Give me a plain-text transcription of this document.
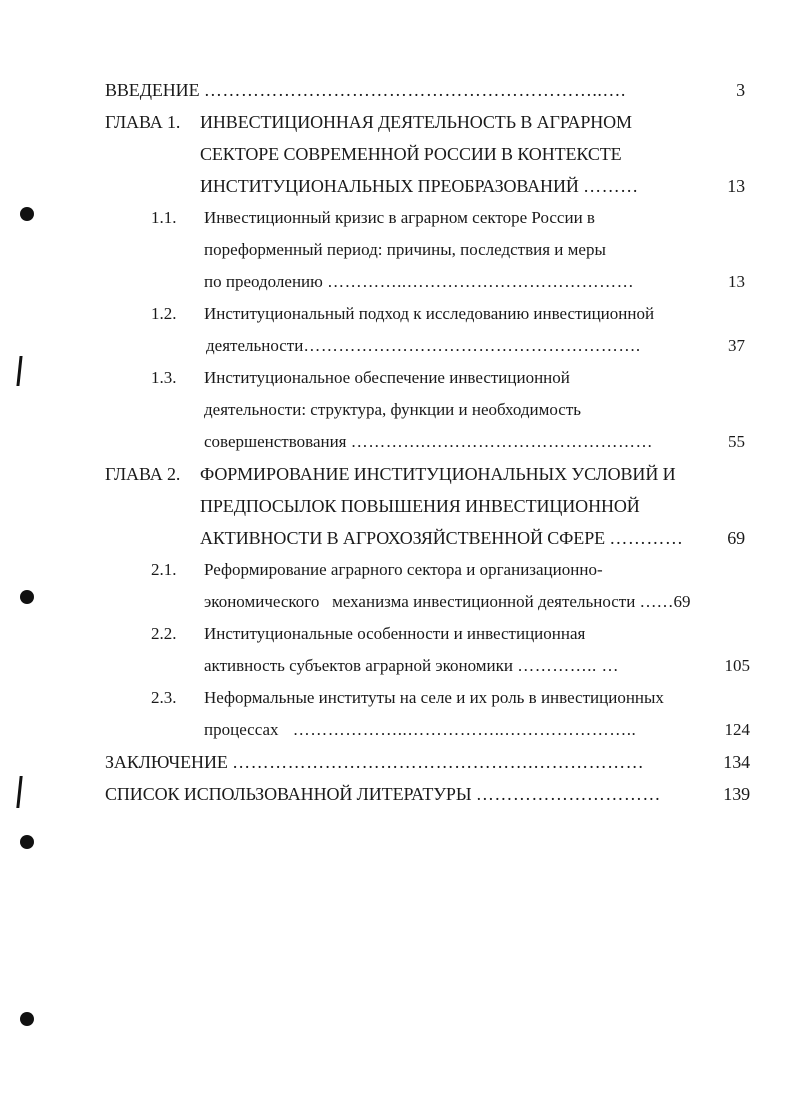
ВВЕДЕНИЕ ………………………………………………………..….	3
ГЛАВА 1. ИНВЕСТИЦИОННАЯ ДЕЯТЕЛЬНОСТЬ В АГРАРНОМ
СЕКТОРЕ СОВРЕМЕННОЙ РОССИИ В КОНТЕКСТЕ
ИНСТИТУЦИОНАЛЬНЫХ ПРЕОБРАЗОВАНИЙ ………	13
1.1. Инвестиционный кризис в аграрном секторе России в
пореформенный период: причины, последствия и меры
по преодолению …………..…………………………………	13
1.2. Институциональный подход к исследованию инвестиционной
деятельности………………………………………………….	37
1.3. Институциональное обеспечение инвестиционной
деятельности: структура, функции и необходимость
совершенствования ………….…………………………………	55
ГЛАВА 2. ФОРМИРОВАНИЕ ИНСТИТУЦИОНАЛЬНЫХ УСЛОВИЙ И
ПРЕДПОСЫЛОК ПОВЫШЕНИЯ ИНВЕСТИЦИОННОЙ
АКТИВНОСТИ В АГРОХОЗЯЙСТВЕННОЙ СФЕРЕ ………… 69
2.1. Реформирование аграрного сектора и организационно-
экономического   механизма инвестиционной деятельности ……69
2.2. Институциональные особенности и инвестиционная
активность субъектов аграрной экономики ………….. …	105
2.3. Неформальные институты на селе и их роль в инвестиционных
процессах   ………………..……………..…………………..	124
ЗАКЛЮЧЕНИЕ ………………………………………….………………	134
СПИСОК ИСПОЛЬЗОВАННОЙ ЛИТЕРАТУРЫ …………………………	139
